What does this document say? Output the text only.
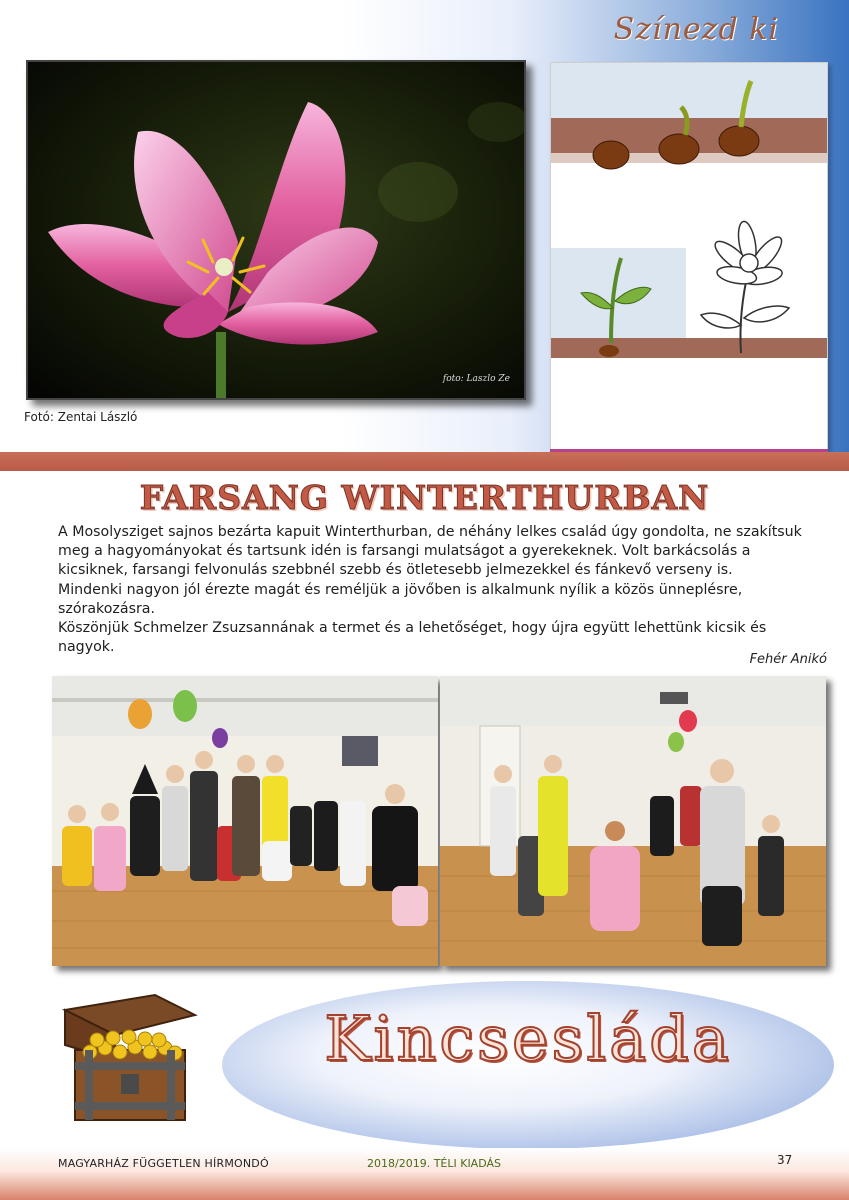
Színezd ki
foto: Laszlo Ze
Fotó: Zentai László
FARSANG WINTERTHURBAN

A Mosolysziget sajnos bezárta kapuit Winterthurban, de néhány lelkes család úgy gondolta, ne szakítsuk meg a hagyományokat és tartsunk idén is farsangi mulatságot a gyerekeknek. Volt barkácsolás a kicsiknek, farsangi felvonulás szebbnél szebb és ötletesebb jelmezekkel és fánkevő verseny is.

Mindenki nagyon jól érezte magát és reméljük a jövőben is alkalmunk nyílik a közös ünneplésre, szórakozásra.

Köszönjük Schmelzer Zsuzsannának a termet és a lehetőséget, hogy újra együtt lehettünk kicsik és nagyok.

Fehér Anikó
Kincsesláda
MAGYARHÁZ FÜGGETLEN HÍRMONDÓ	2018/2019. TÉLI KIADÁS	37
